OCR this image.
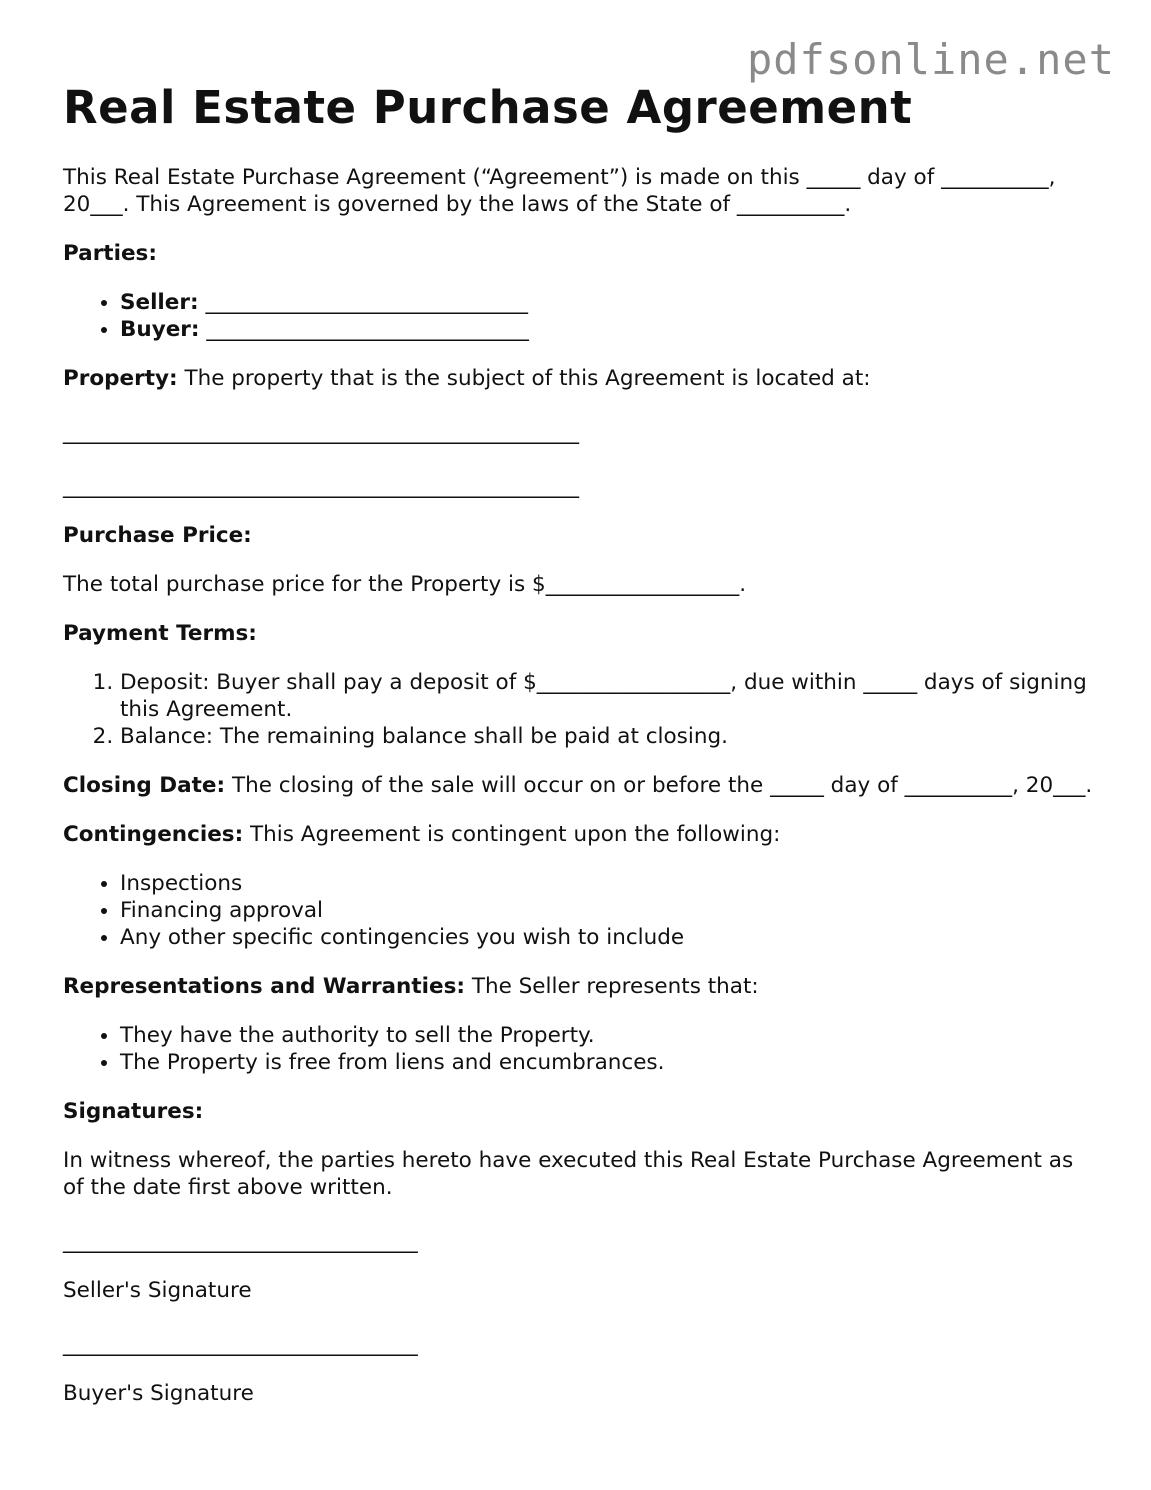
pdfsonline.net
Real Estate Purchase Agreement

This Real Estate Purchase Agreement (“Agreement”) is made on this _____ day of __________, 20___. This Agreement is governed by the laws of the State of __________.

Parties:

• Seller: ______________________________
• Buyer: ______________________________

Property: The property that is the subject of this Agreement is located at:

________________________________________________

________________________________________________

Purchase Price:

The total purchase price for the Property is $__________________.

Payment Terms:

1. Deposit: Buyer shall pay a deposit of $__________________, due within _____ days of signing this Agreement.
2. Balance: The remaining balance shall be paid at closing.

Closing Date: The closing of the sale will occur on or before the _____ day of __________, 20___.

Contingencies: This Agreement is contingent upon the following:

• Inspections
• Financing approval
• Any other specific contingencies you wish to include

Representations and Warranties: The Seller represents that:

• They have the authority to sell the Property.
• The Property is free from liens and encumbrances.

Signatures:

In witness whereof, the parties hereto have executed this Real Estate Purchase Agreement as of the date first above written.

_________________________________

Seller's Signature

_________________________________

Buyer's Signature
